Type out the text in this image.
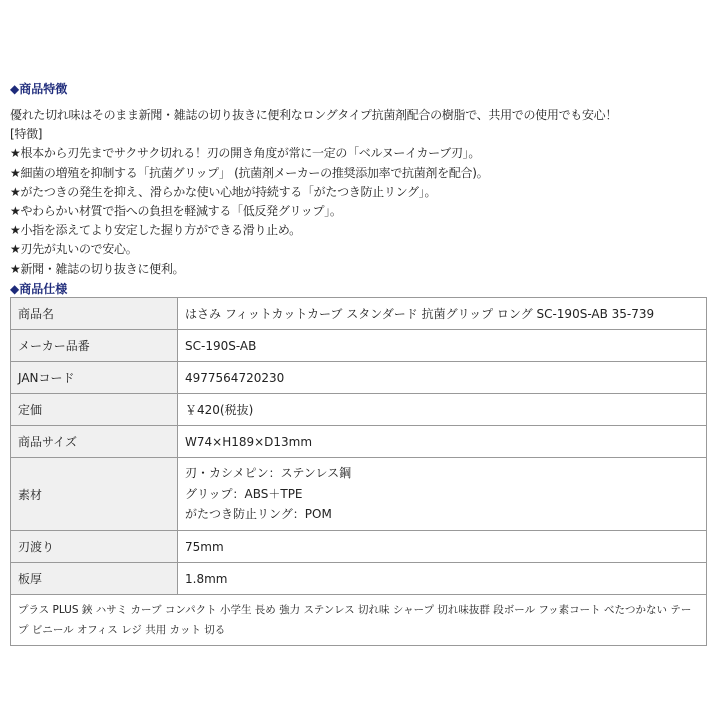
◆商品特徴
優れた切れ味はそのまま新聞・雑誌の切り抜きに便利なロングタイプ抗菌剤配合の樹脂で、共用での使用でも安心！
[特徴]
★根本から刃先までサクサク切れる！刃の開き角度が常に一定の「ベルヌーイカーブ刃」。
★細菌の増殖を抑制する「抗菌グリップ」 (抗菌剤メーカーの推奨添加率で抗菌剤を配合)。
★がたつきの発生を抑え、滑らかな使い心地が持続する「がたつき防止リング」。
★やわらかい材質で指への負担を軽減する「低反発グリップ」。
★小指を添えてより安定した握り方ができる滑り止め。
★刃先が丸いので安心。
★新聞・雑誌の切り抜きに便利。
◆商品仕様
商品名	はさみ フィットカットカーブ スタンダード 抗菌グリップ ロング SC-190S-AB 35-739
メーカー品番	SC-190S-AB
JANコード	4977564720230
定価	￥420(税抜)
商品サイズ	W74×H189×D13mm
素材	刃・カシメピン：ステンレス鋼
グリップ：ABS＋TPE
がたつき防止リング：POM

刃渡り	75mm
板厚	1.8mm
プラス PLUS 鋏 ハサミ カーブ コンパクト 小学生 長め 強力 ステンレス 切れ味 シャープ 切れ味抜群 段ボール フッ素コート べたつかない テープ ビニール オフィス レジ 共用 カット 切る	
